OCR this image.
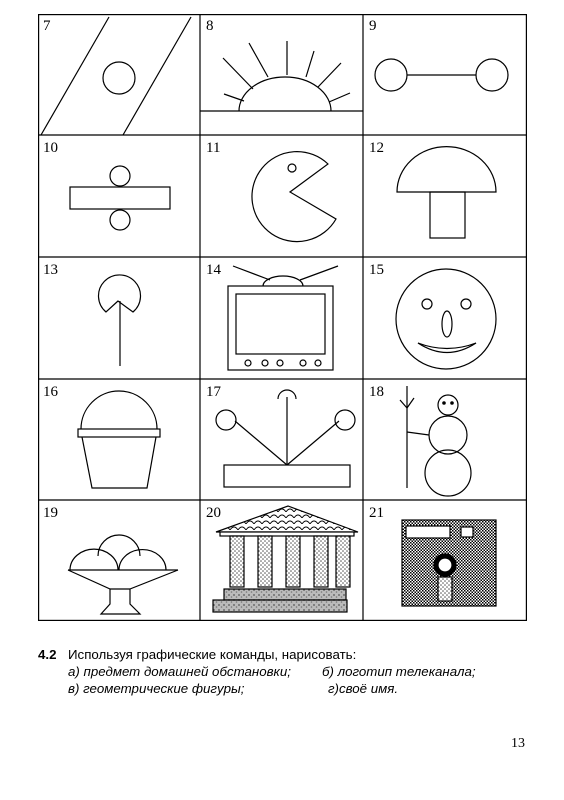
7	8	9
10	11	12
13	14	15
16	17	18
19	20	21
4.2 Используя графические команды, нарисовать:
а) предмет домашней обстановки;	б) логотип телеканала;
в) геометрические фигуры;	г)своё имя.
13
